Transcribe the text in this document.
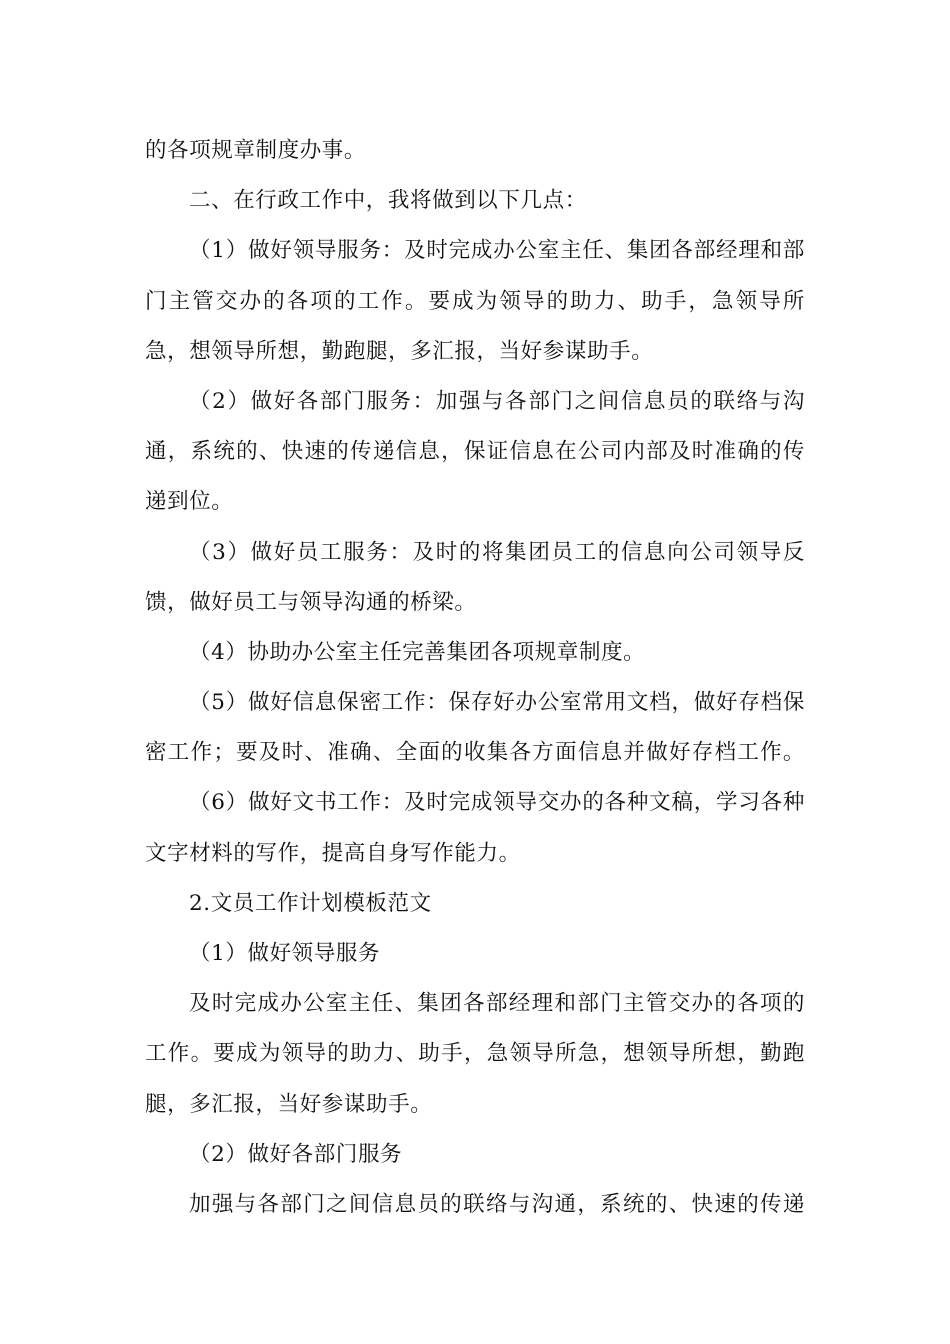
的各项规章制度办事。
二、在行政工作中，我将做到以下几点：
（1）做好领导服务：及时完成办公室主任、集团各部经理和部
门主管交办的各项的工作。要成为领导的助力、助手，急领导所
急，想领导所想，勤跑腿，多汇报，当好参谋助手。
（2）做好各部门服务：加强与各部门之间信息员的联络与沟
通，系统的、快速的传递信息，保证信息在公司内部及时准确的传
递到位。
（3）做好员工服务：及时的将集团员工的信息向公司领导反
馈，做好员工与领导沟通的桥梁。
（4）协助办公室主任完善集团各项规章制度。
（5）做好信息保密工作：保存好办公室常用文档，做好存档保
密工作；要及时、准确、全面的收集各方面信息并做好存档工作。
（6）做好文书工作：及时完成领导交办的各种文稿，学习各种
文字材料的写作，提高自身写作能力。
2.文员工作计划模板范文
（1）做好领导服务
及时完成办公室主任、集团各部经理和部门主管交办的各项的
工作。要成为领导的助力、助手，急领导所急，想领导所想，勤跑
腿，多汇报，当好参谋助手。
（2）做好各部门服务
加强与各部门之间信息员的联络与沟通，系统的、快速的传递
